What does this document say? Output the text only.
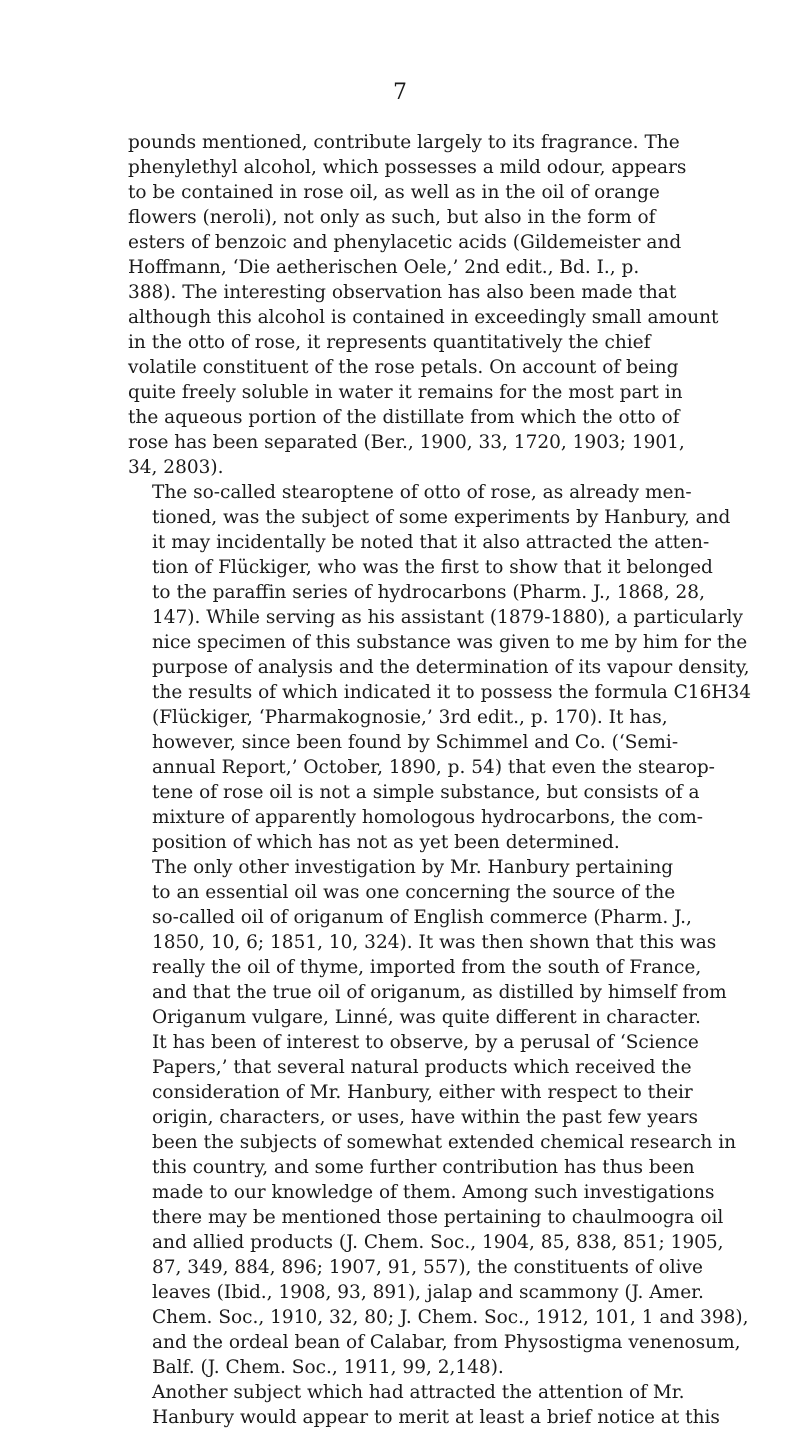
7

pounds mentioned, contribute largely to its fragrance. The
phenylethyl alcohol, which possesses a mild odour, appears
to be contained in rose oil, as well as in the oil of orange
flowers (neroli), not only as such, but also in the form of
esters of benzoic and phenylacetic acids (Gildemeister and
Hoffmann, ‘Die aetherischen Oele,’ 2nd edit., Bd. I., p.
388). The interesting observation has also been made that
although this alcohol is contained in exceedingly small amount
in the otto of rose, it represents quantitatively the chief
volatile constituent of the rose petals. On account of being
quite freely soluble in water it remains for the most part in
the aqueous portion of the distillate from which the otto of
rose has been separated (Ber., 1900, 33, 1720, 1903; 1901,
34, 2803).

The so-called stearoptene of otto of rose, as already men-
tioned, was the subject of some experiments by Hanbury, and
it may incidentally be noted that it also attracted the atten-
tion of Flückiger, who was the first to show that it belonged
to the paraffin series of hydrocarbons (Pharm. J., 1868, 28,
147). While serving as his assistant (1879-1880), a particularly
nice specimen of this substance was given to me by him for the
purpose of analysis and the determination of its vapour density,
the results of which indicated it to possess the formula C16H34
(Flückiger, ‘Pharmakognosie,’ 3rd edit., p. 170). It has,
however, since been found by Schimmel and Co. (‘Semi-
annual Report,’ October, 1890, p. 54) that even the stearop-
tene of rose oil is not a simple substance, but consists of a
mixture of apparently homologous hydrocarbons, the com-
position of which has not as yet been determined.

The only other investigation by Mr. Hanbury pertaining
to an essential oil was one concerning the source of the
so-called oil of origanum of English commerce (Pharm. J.,
1850, 10, 6; 1851, 10, 324). It was then shown that this was
really the oil of thyme, imported from the south of France,
and that the true oil of origanum, as distilled by himself from
Origanum vulgare, Linné, was quite different in character.

It has been of interest to observe, by a perusal of ‘Science
Papers,’ that several natural products which received the
consideration of Mr. Hanbury, either with respect to their
origin, characters, or uses, have within the past few years
been the subjects of somewhat extended chemical research in
this country, and some further contribution has thus been
made to our knowledge of them. Among such investigations
there may be mentioned those pertaining to chaulmoogra oil
and allied products (J. Chem. Soc., 1904, 85, 838, 851; 1905,
87, 349, 884, 896; 1907, 91, 557), the constituents of olive
leaves (Ibid., 1908, 93, 891), jalap and scammony (J. Amer.
Chem. Soc., 1910, 32, 80; J. Chem. Soc., 1912, 101, 1 and 398),
and the ordeal bean of Calabar, from Physostigma venenosum,
Balf. (J. Chem. Soc., 1911, 99, 2,148).

Another subject which had attracted the attention of Mr.
Hanbury would appear to merit at least a brief notice at this
